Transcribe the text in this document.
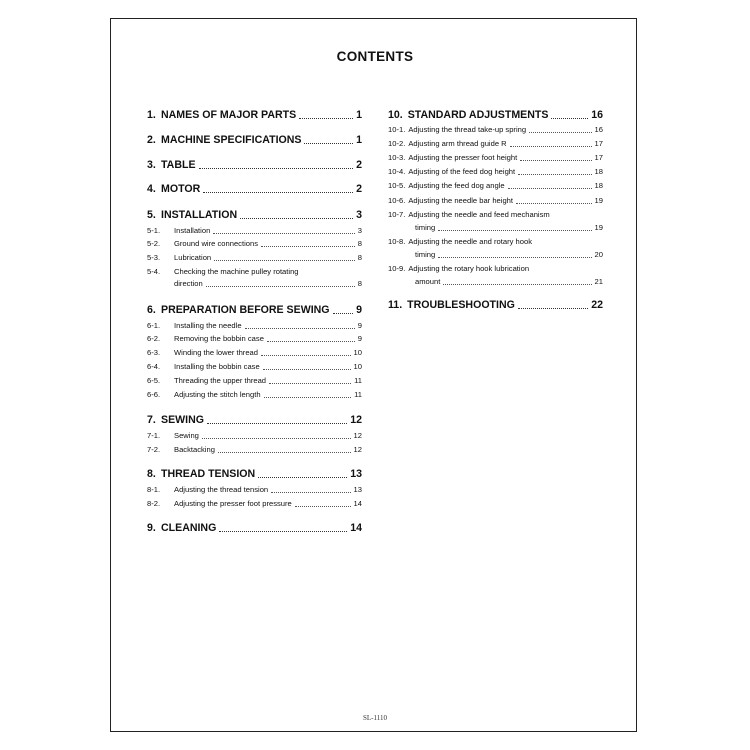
CONTENTS
1. NAMES OF MAJOR PARTS	1
2. MACHINE SPECIFICATIONS	1
3. TABLE	2
4. MOTOR	2
5. INSTALLATION	3
5-1.	Installation	3
5-2.	Ground wire connections	8
5-3.	Lubrication	8
5-4.	Checking the machine pulley rotating
direction	8
6. PREPARATION BEFORE SEWING	9
6-1.	Installing the needle	9
6-2.	Removing the bobbin case	9
6-3.	Winding the lower thread	10
6-4.	Installing the bobbin case	10
6-5.	Threading the upper thread	11
6-6.	Adjusting the stitch length	11
7. SEWING	12
7-1.	Sewing	12
7-2.	Backtacking	12
8. THREAD TENSION	13
8-1.	Adjusting the thread tension	13
8-2.	Adjusting the presser foot pressure	14
9. CLEANING	14
10. STANDARD ADJUSTMENTS	16
10-1. Adjusting the thread take-up spring	16
10-2. Adjusting arm thread guide R	17
10-3. Adjusting the presser foot height	17
10-4. Adjusting of the feed dog height	18
10-5. Adjusting the feed dog angle	18
10-6. Adjusting the needle bar height	19
10-7. Adjusting the needle and feed mechanism
timing	19
10-8. Adjusting the needle and rotary hook
timing	20
10-9. Adjusting the rotary hook lubrication
amount	21
11. TROUBLESHOOTING	22
SL-1110
